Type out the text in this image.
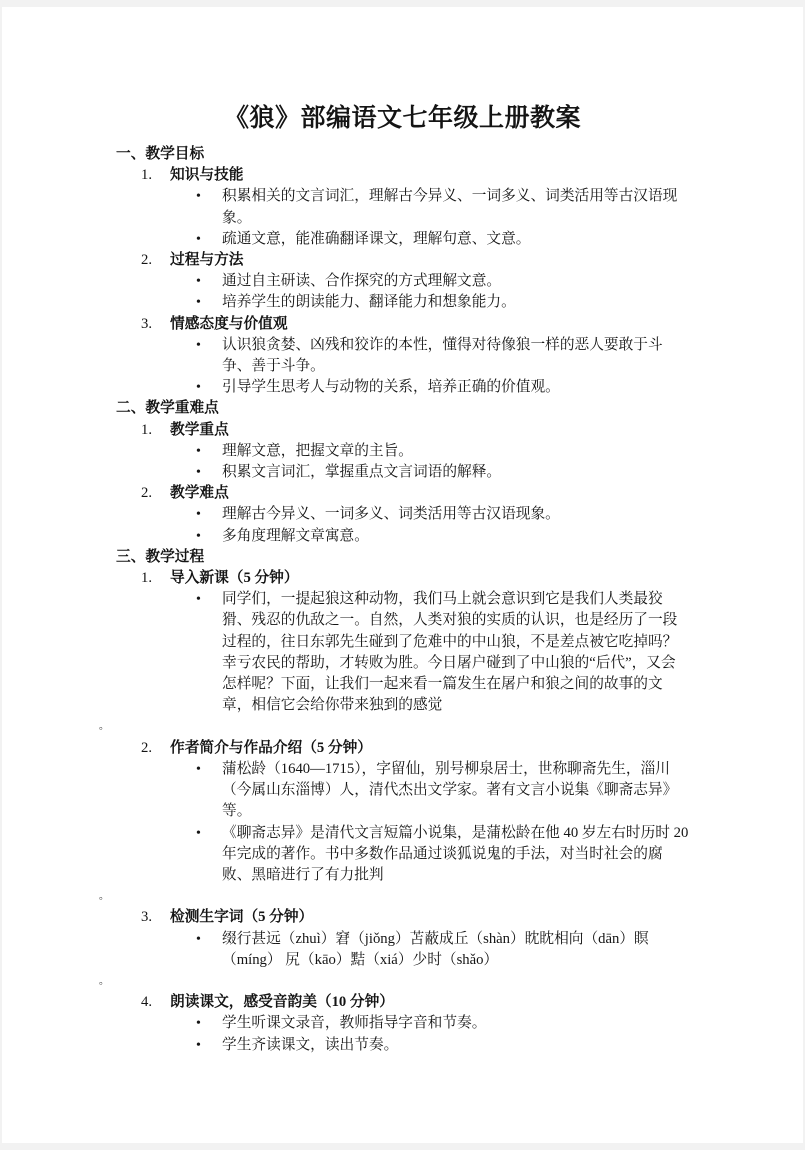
《狼》部编语文七年级上册教案
一、教学目标
1. 知识与技能
•	积累相关的文言词汇，理解古今异义、一词多义、词类活用等古汉语现象。
•	疏通文意，能准确翻译课文，理解句意、文意。
2. 过程与方法
•	通过自主研读、合作探究的方式理解文意。
•	培养学生的朗读能力、翻译能力和想象能力。
3. 情感态度与价值观
•	认识狼贪婪、凶残和狡诈的本性，懂得对待像狼一样的恶人要敢于斗争、善于斗争。
•	引导学生思考人与动物的关系，培养正确的价值观。
二、教学重难点
1. 教学重点
•	理解文意，把握文章的主旨。
•	积累文言词汇，掌握重点文言词语的解释。
2. 教学难点
•	理解古今异义、一词多义、词类活用等古汉语现象。
•	多角度理解文章寓意。
三、教学过程
1. 导入新课（5 分钟）
•	同学们，一提起狼这种动物，我们马上就会意识到它是我们人类最狡猾、残忍的仇敌之一。自然，人类对狼的实质的认识，也是经历了一段过程的，往日东郭先生碰到了危难中的中山狼，不是差点被它吃掉吗？幸亏农民的帮助，才转败为胜。今日屠户碰到了中山狼的“后代”，又会怎样呢？下面，让我们一起来看一篇发生在屠户和狼之间的故事的文章，相信它会给你带来独到的感觉
。
2. 作者简介与作品介绍（5 分钟）
•	蒲松龄（1640—1715），字留仙，别号柳泉居士，世称聊斋先生，淄川（今属山东淄博）人，清代杰出文学家。著有文言小说集《聊斋志异》等。
•	《聊斋志异》是清代文言短篇小说集，是蒲松龄在他 40 岁左右时历时 20 年完成的著作。书中多数作品通过谈狐说鬼的手法，对当时社会的腐败、黑暗进行了有力批判
。
3. 检测生字词（5 分钟）
•	缀行甚远（zhuì）窘（jiǒng）苫蔽成丘（shàn）眈眈相向（dān）瞑（míng） 尻（kāo）黠（xiá）少时（shǎo）
。
4. 朗读课文，感受音韵美（10 分钟）
•	学生听课文录音，教师指导字音和节奏。
•	学生齐读课文，读出节奏。
